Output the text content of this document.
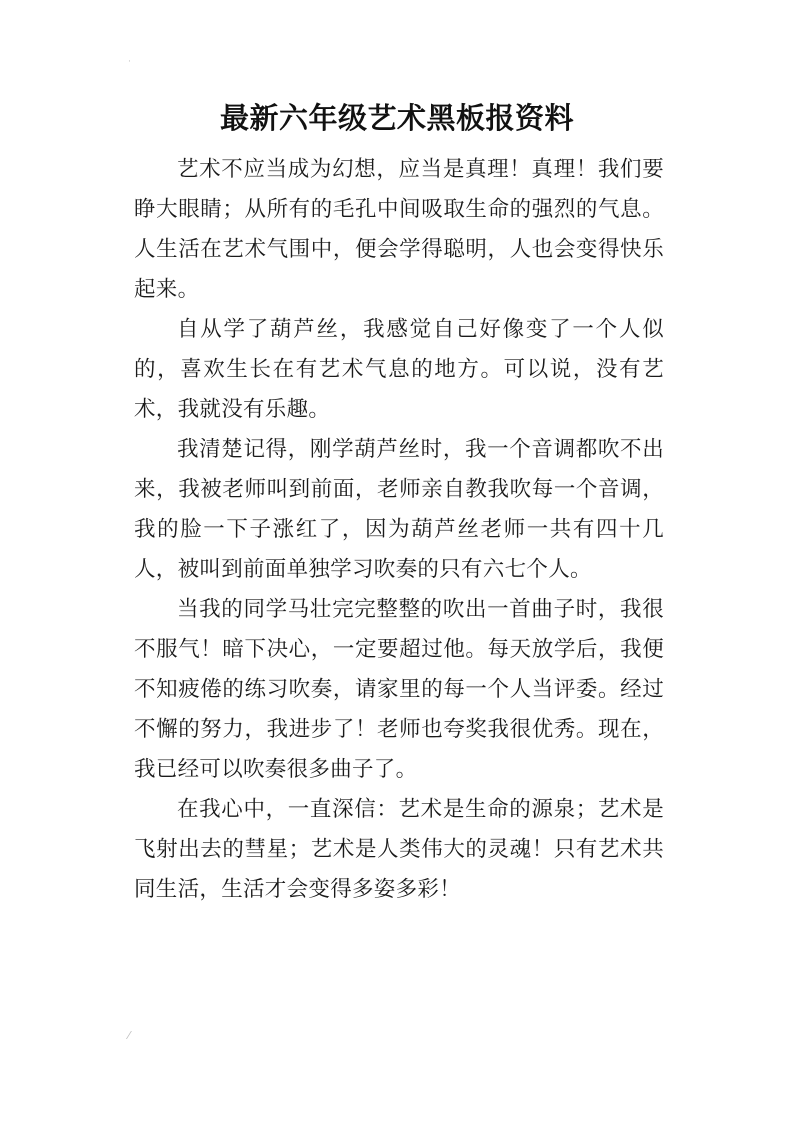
·
最新六年级艺术黑板报资料

艺术不应当成为幻想，应当是真理！真理！我们要睁大眼睛；从所有的毛孔中间吸取生命的强烈的气息。人生活在艺术气围中，便会学得聪明，人也会变得快乐起来。

自从学了葫芦丝，我感觉自己好像变了一个人似的，喜欢生长在有艺术气息的地方。可以说，没有艺术，我就没有乐趣。

我清楚记得，刚学葫芦丝时，我一个音调都吹不出来，我被老师叫到前面，老师亲自教我吹每一个音调，我的脸一下子涨红了，因为葫芦丝老师一共有四十几人，被叫到前面单独学习吹奏的只有六七个人。

当我的同学马壮完完整整的吹出一首曲子时，我很不服气！暗下决心，一定要超过他。每天放学后，我便不知疲倦的练习吹奏，请家里的每一个人当评委。经过不懈的努力，我进步了！老师也夸奖我很优秀。现在，我已经可以吹奏很多曲子了。

在我心中，一直深信：艺术是生命的源泉；艺术是飞射出去的彗星；艺术是人类伟大的灵魂！只有艺术共同生活，生活才会变得多姿多彩！

⁄
